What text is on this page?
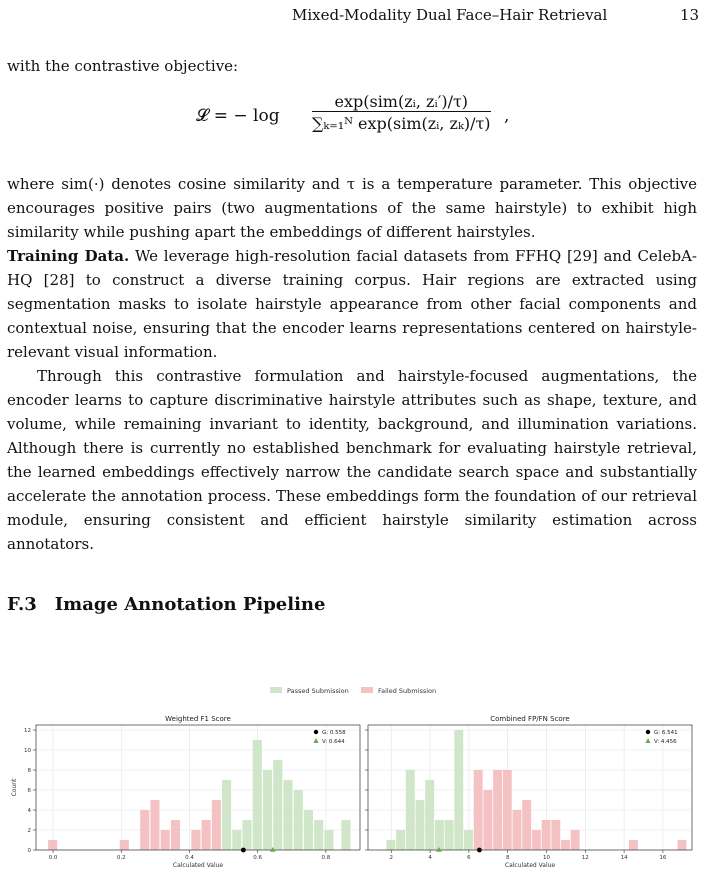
Mixed-Modality Dual Face–Hair Retrieval	13
with the contrastive objective:
𝓛 = − log
exp(sim(zᵢ, zᵢ′)/τ)
∑ₖ₌₁ᴺ exp(sim(zᵢ, zₖ)/τ) ,

where sim(·) denotes cosine similarity and τ is a temperature parameter. This objective encourages positive pairs (two augmentations of the same hairstyle) to exhibit high similarity while pushing apart the embeddings of different hairstyles.

Training Data. We leverage high-resolution facial datasets from FFHQ [29] and CelebA-HQ [28] to construct a diverse training corpus. Hair regions are extracted using segmentation masks to isolate hairstyle appearance from other facial components and contextual noise, ensuring that the encoder learns representations centered on hairstyle-relevant visual information.

Through this contrastive formulation and hairstyle-focused augmentations, the encoder learns to capture discriminative hairstyle attributes such as shape, texture, and volume, while remaining invariant to identity, background, and illumination variations. Although there is currently no established benchmark for evaluating hairstyle retrieval, the learned embeddings effectively narrow the candidate search space and substantially accelerate the annotation process. These embeddings form the foundation of our retrieval module, ensuring consistent and efficient hairstyle similarity estimation across annotators.

F.3 Image Annotation Pipeline
Passed Submission	Failed Submission
Weighted F1 Score
0
2
4
6
8
10
12
0.0	0.2	0.4	0.6	0.8
G: 0.558
V: 0.644
Calculated Value
Count
Combined FP/FN Score
2	4	6	8	10	12	14	16
G: 6.541
V: 4.456
Calculated Value
